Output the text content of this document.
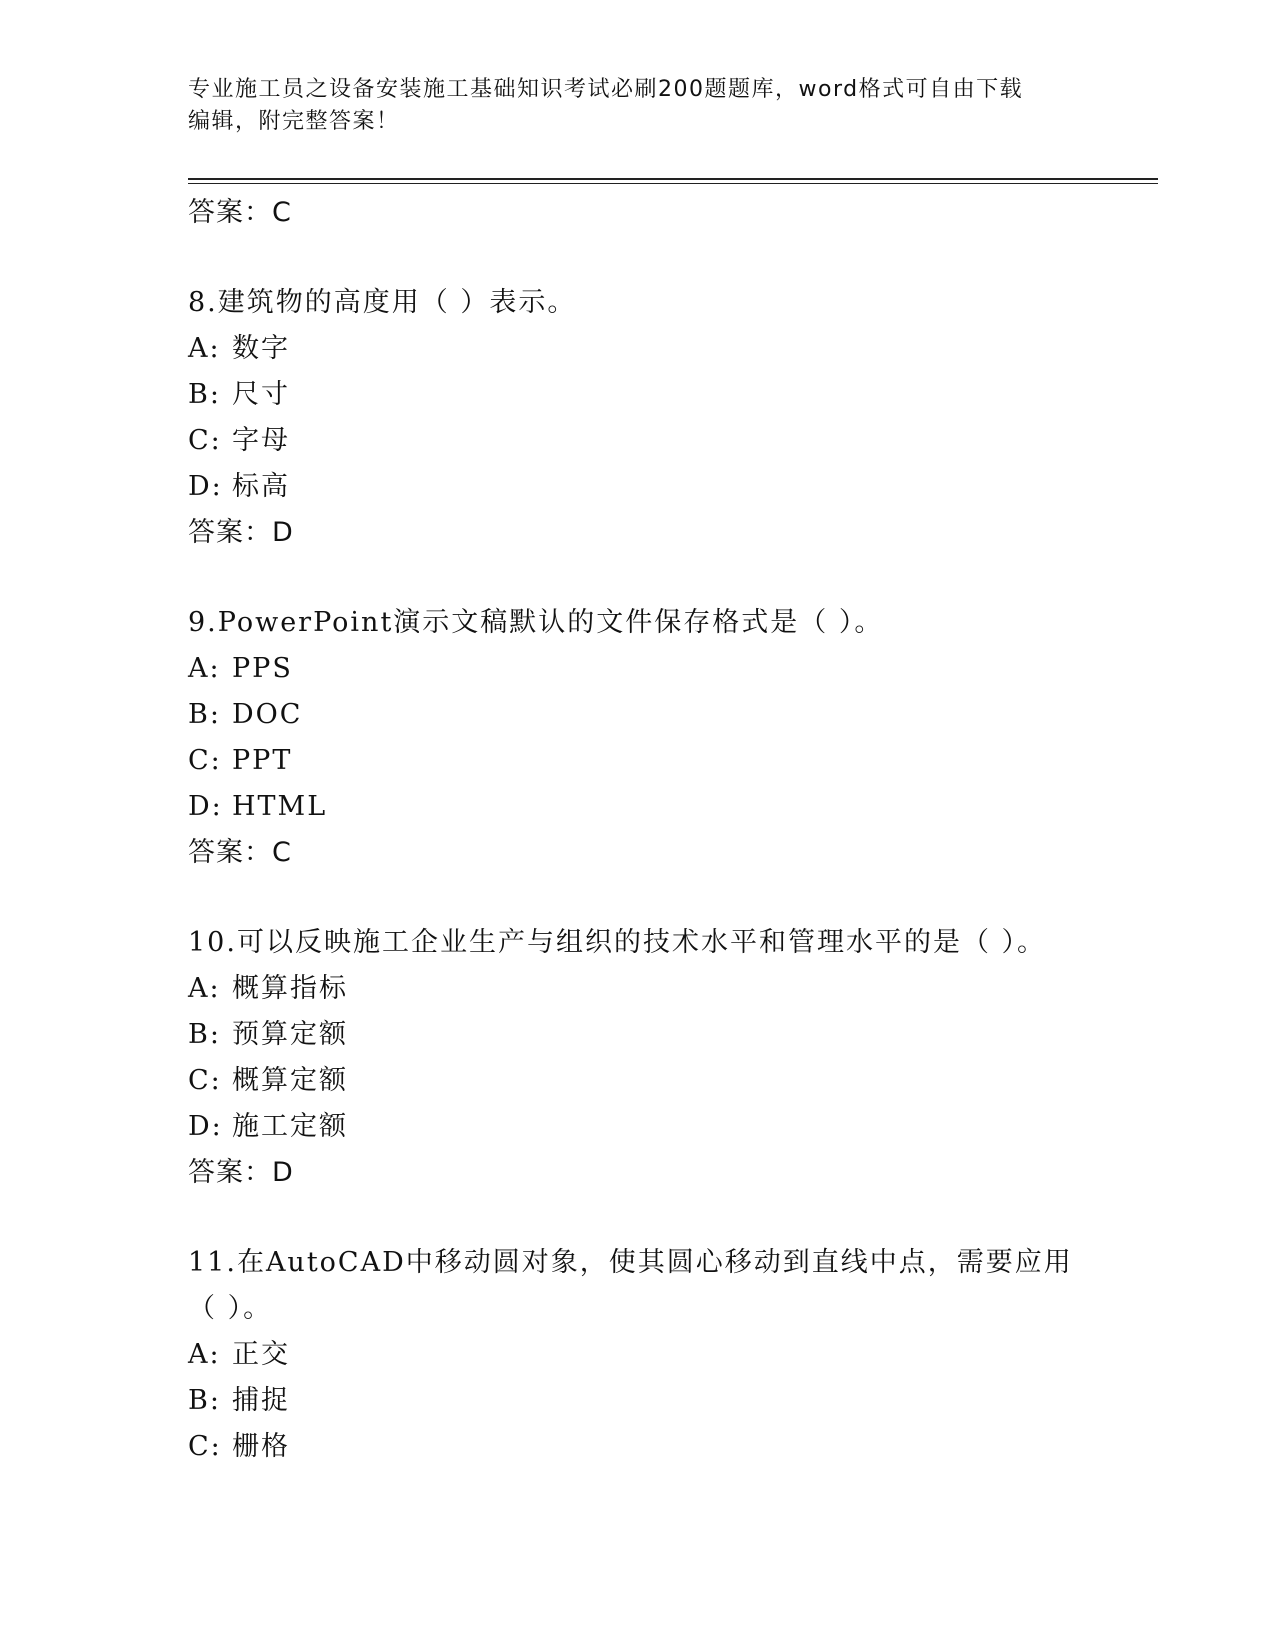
专业施工员之设备安装施工基础知识考试必刷200题题库，word格式可自由下载
编辑，附完整答案！

答案：C

8.建筑物的高度用（ ）表示。

A: 数字

B: 尺寸

C: 字母

D: 标高

答案：D

9.PowerPoint演示文稿默认的文件保存格式是（ ）。

A: PPS

B: DOC

C: PPT

D: HTML

答案：C

10.可以反映施工企业生产与组织的技术水平和管理水平的是（ ）。

A: 概算指标

B: 预算定额

C: 概算定额

D: 施工定额

答案：D

11.在AutoCAD中移动圆对象，使其圆心移动到直线中点，需要应用（ ）。

A: 正交

B: 捕捉

C: 栅格
